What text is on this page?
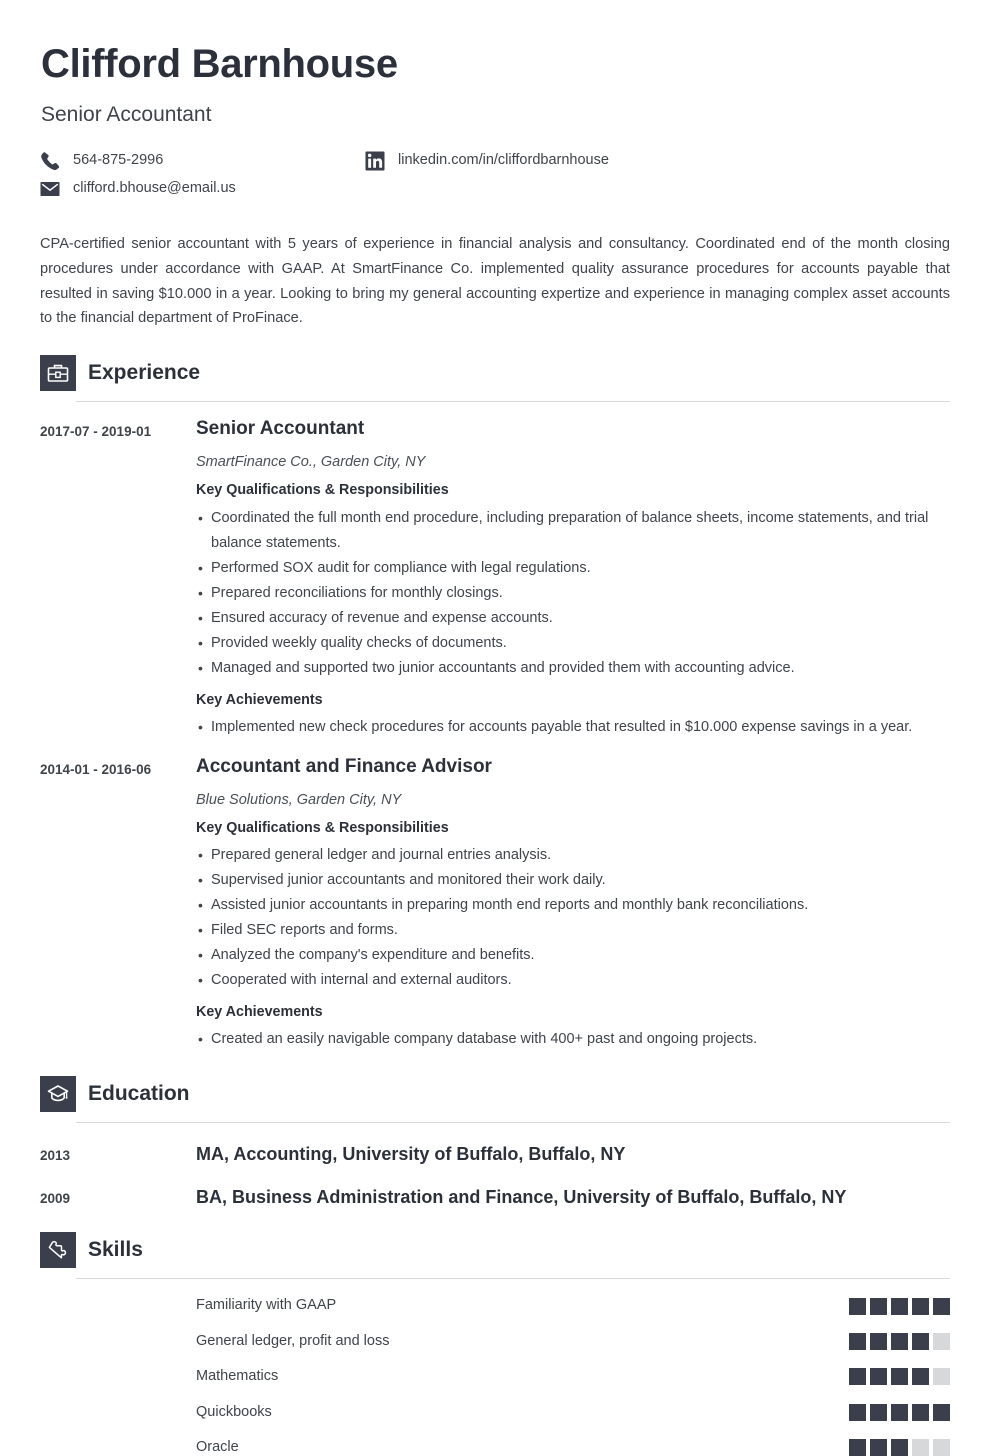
Clifford Barnhouse
Senior Accountant
564-875-2996	linkedin.com/in/cliffordbarnhouse
clifford.bhouse@email.us
CPA-certified senior accountant with 5 years of experience in financial analysis and consultancy. Coordinated end of the month closing procedures under accordance with GAAP. At SmartFinance Co. implemented quality assurance procedures for accounts payable that resulted in saving $10.000 in a year. Looking to bring my general accounting expertize and experience in managing complex asset accounts to the financial department of ProFinace.
Experience
2017-07 - 2019-01	Senior Accountant
SmartFinance Co., Garden City, NY
Key Qualifications & Responsibilities
• Coordinated the full month end procedure, including preparation of balance sheets, income statements, and trial balance statements.
• Performed SOX audit for compliance with legal regulations.
• Prepared reconciliations for monthly closings.
• Ensured accuracy of revenue and expense accounts.
• Provided weekly quality checks of documents.
• Managed and supported two junior accountants and provided them with accounting advice.
Key Achievements
• Implemented new check procedures for accounts payable that resulted in $10.000 expense savings in a year.
2014-01 - 2016-06	Accountant and Finance Advisor
Blue Solutions, Garden City, NY
Key Qualifications & Responsibilities
• Prepared general ledger and journal entries analysis.
• Supervised junior accountants and monitored their work daily.
• Assisted junior accountants in preparing month end reports and monthly bank reconciliations.
• Filed SEC reports and forms.
• Analyzed the company's expenditure and benefits.
• Cooperated with internal and external auditors.
Key Achievements
• Created an easily navigable company database with 400+ past and ongoing projects.
Education
2013	MA, Accounting, University of Buffalo, Buffalo, NY
2009	BA, Business Administration and Finance, University of Buffalo, Buffalo, NY
Skills
Familiarity with GAAP
General ledger, profit and loss
Mathematics
Quickbooks
Oracle
